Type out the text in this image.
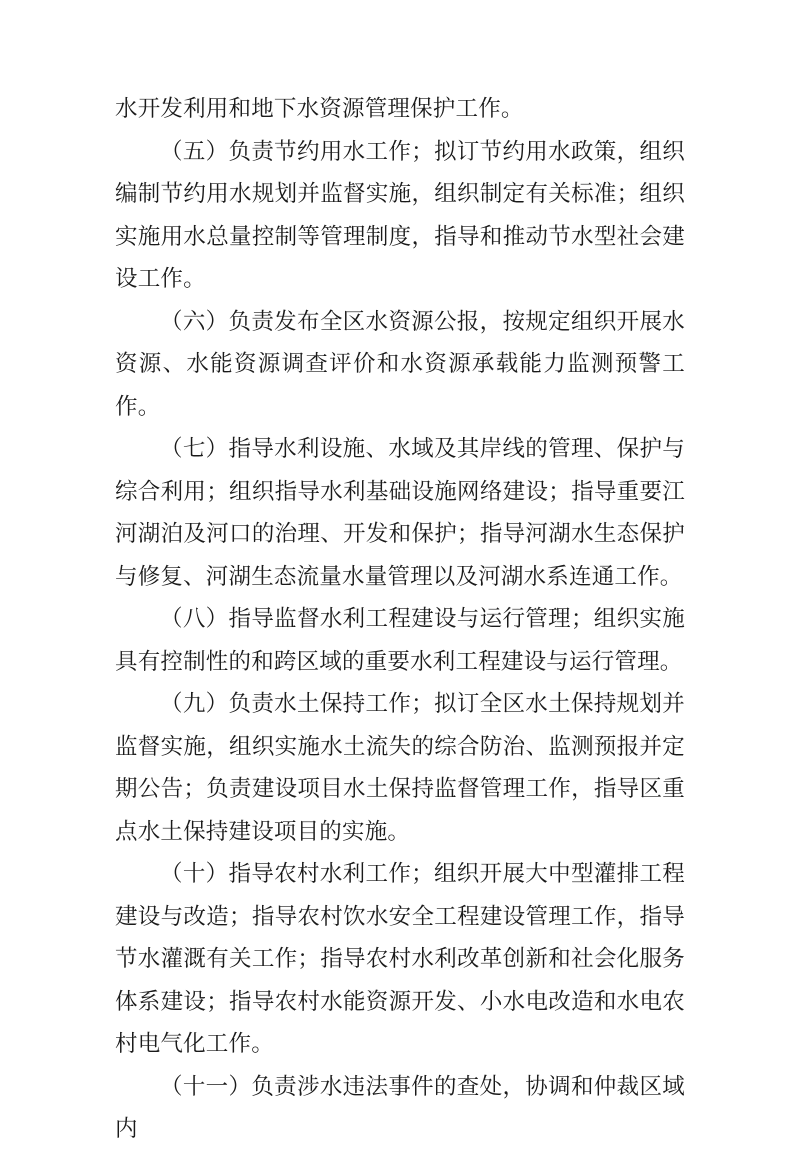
水开发利用和地下水资源管理保护工作。

（五）负责节约用水工作；拟订节约用水政策，组织编制节约用水规划并监督实施，组织制定有关标准；组织实施用水总量控制等管理制度，指导和推动节水型社会建设工作。

（六）负责发布全区水资源公报，按规定组织开展水资源、水能资源调查评价和水资源承载能力监测预警工作。

（七）指导水利设施、水域及其岸线的管理、保护与综合利用；组织指导水利基础设施网络建设；指导重要江河湖泊及河口的治理、开发和保护；指导河湖水生态保护与修复、河湖生态流量水量管理以及河湖水系连通工作。

（八）指导监督水利工程建设与运行管理；组织实施具有控制性的和跨区域的重要水利工程建设与运行管理。

（九）负责水土保持工作；拟订全区水土保持规划并监督实施，组织实施水土流失的综合防治、监测预报并定期公告；负责建设项目水土保持监督管理工作，指导区重点水土保持建设项目的实施。

（十）指导农村水利工作；组织开展大中型灌排工程建设与改造；指导农村饮水安全工程建设管理工作，指导节水灌溉有关工作；指导农村水利改革创新和社会化服务体系建设；指导农村水能资源开发、小水电改造和水电农村电气化工作。

（十一）负责涉水违法事件的查处，协调和仲裁区域内
